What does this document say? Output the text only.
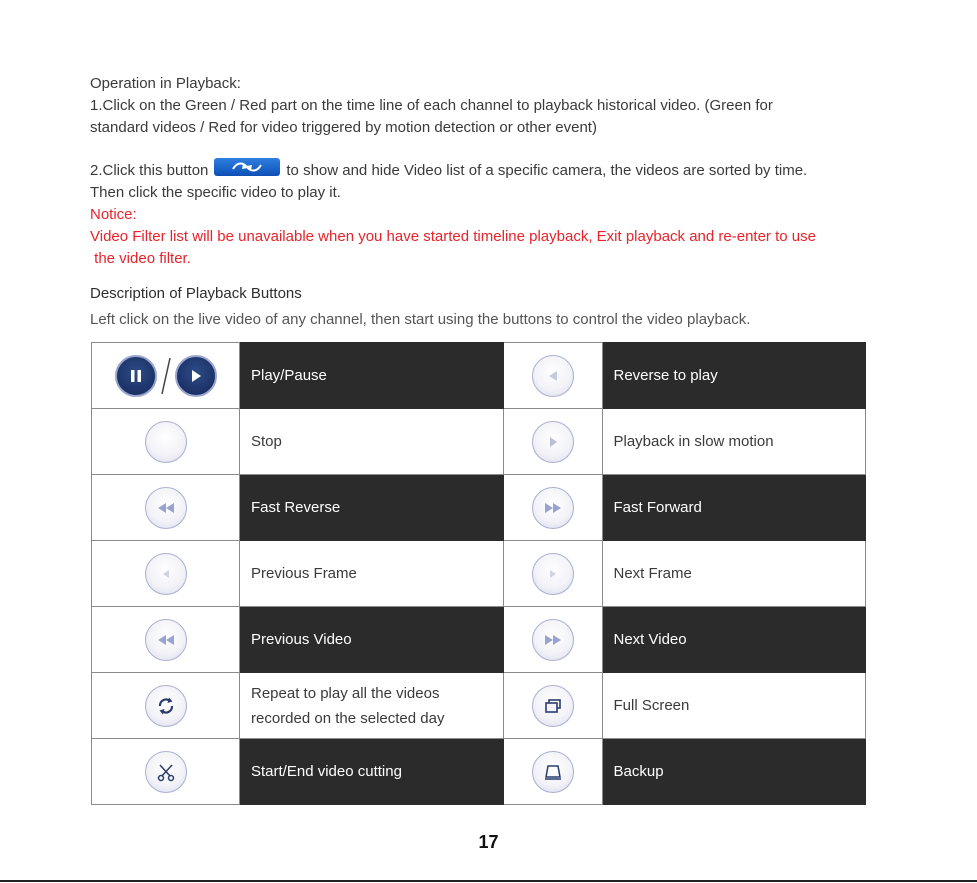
Operation in Playback:
1.Click on the Green / Red part on the time line of each channel to playback historical video. (Green for
standard videos / Red for video triggered by motion detection or other event)
2.Click this button	to show and hide Video list of a specific camera, the videos are sorted by time.
Then click the specific video to play it.
Notice:
Video Filter list will be unavailable when you have started timeline playback, Exit playback and re-enter to use
the video filter.
Description of Playback Buttons
Left click on the live video of any channel, then start using the buttons to control the video playback.
	Play/Pause		Reverse to play
	Stop		Playback in slow motion

	Fast Reverse		Fast Forward

	Previous Frame		Next Frame

	Previous Video		Next Video

Repeat to play all the videos
recorded on the selected day		Full Screen

	Start/End video cutting		Backup
17
